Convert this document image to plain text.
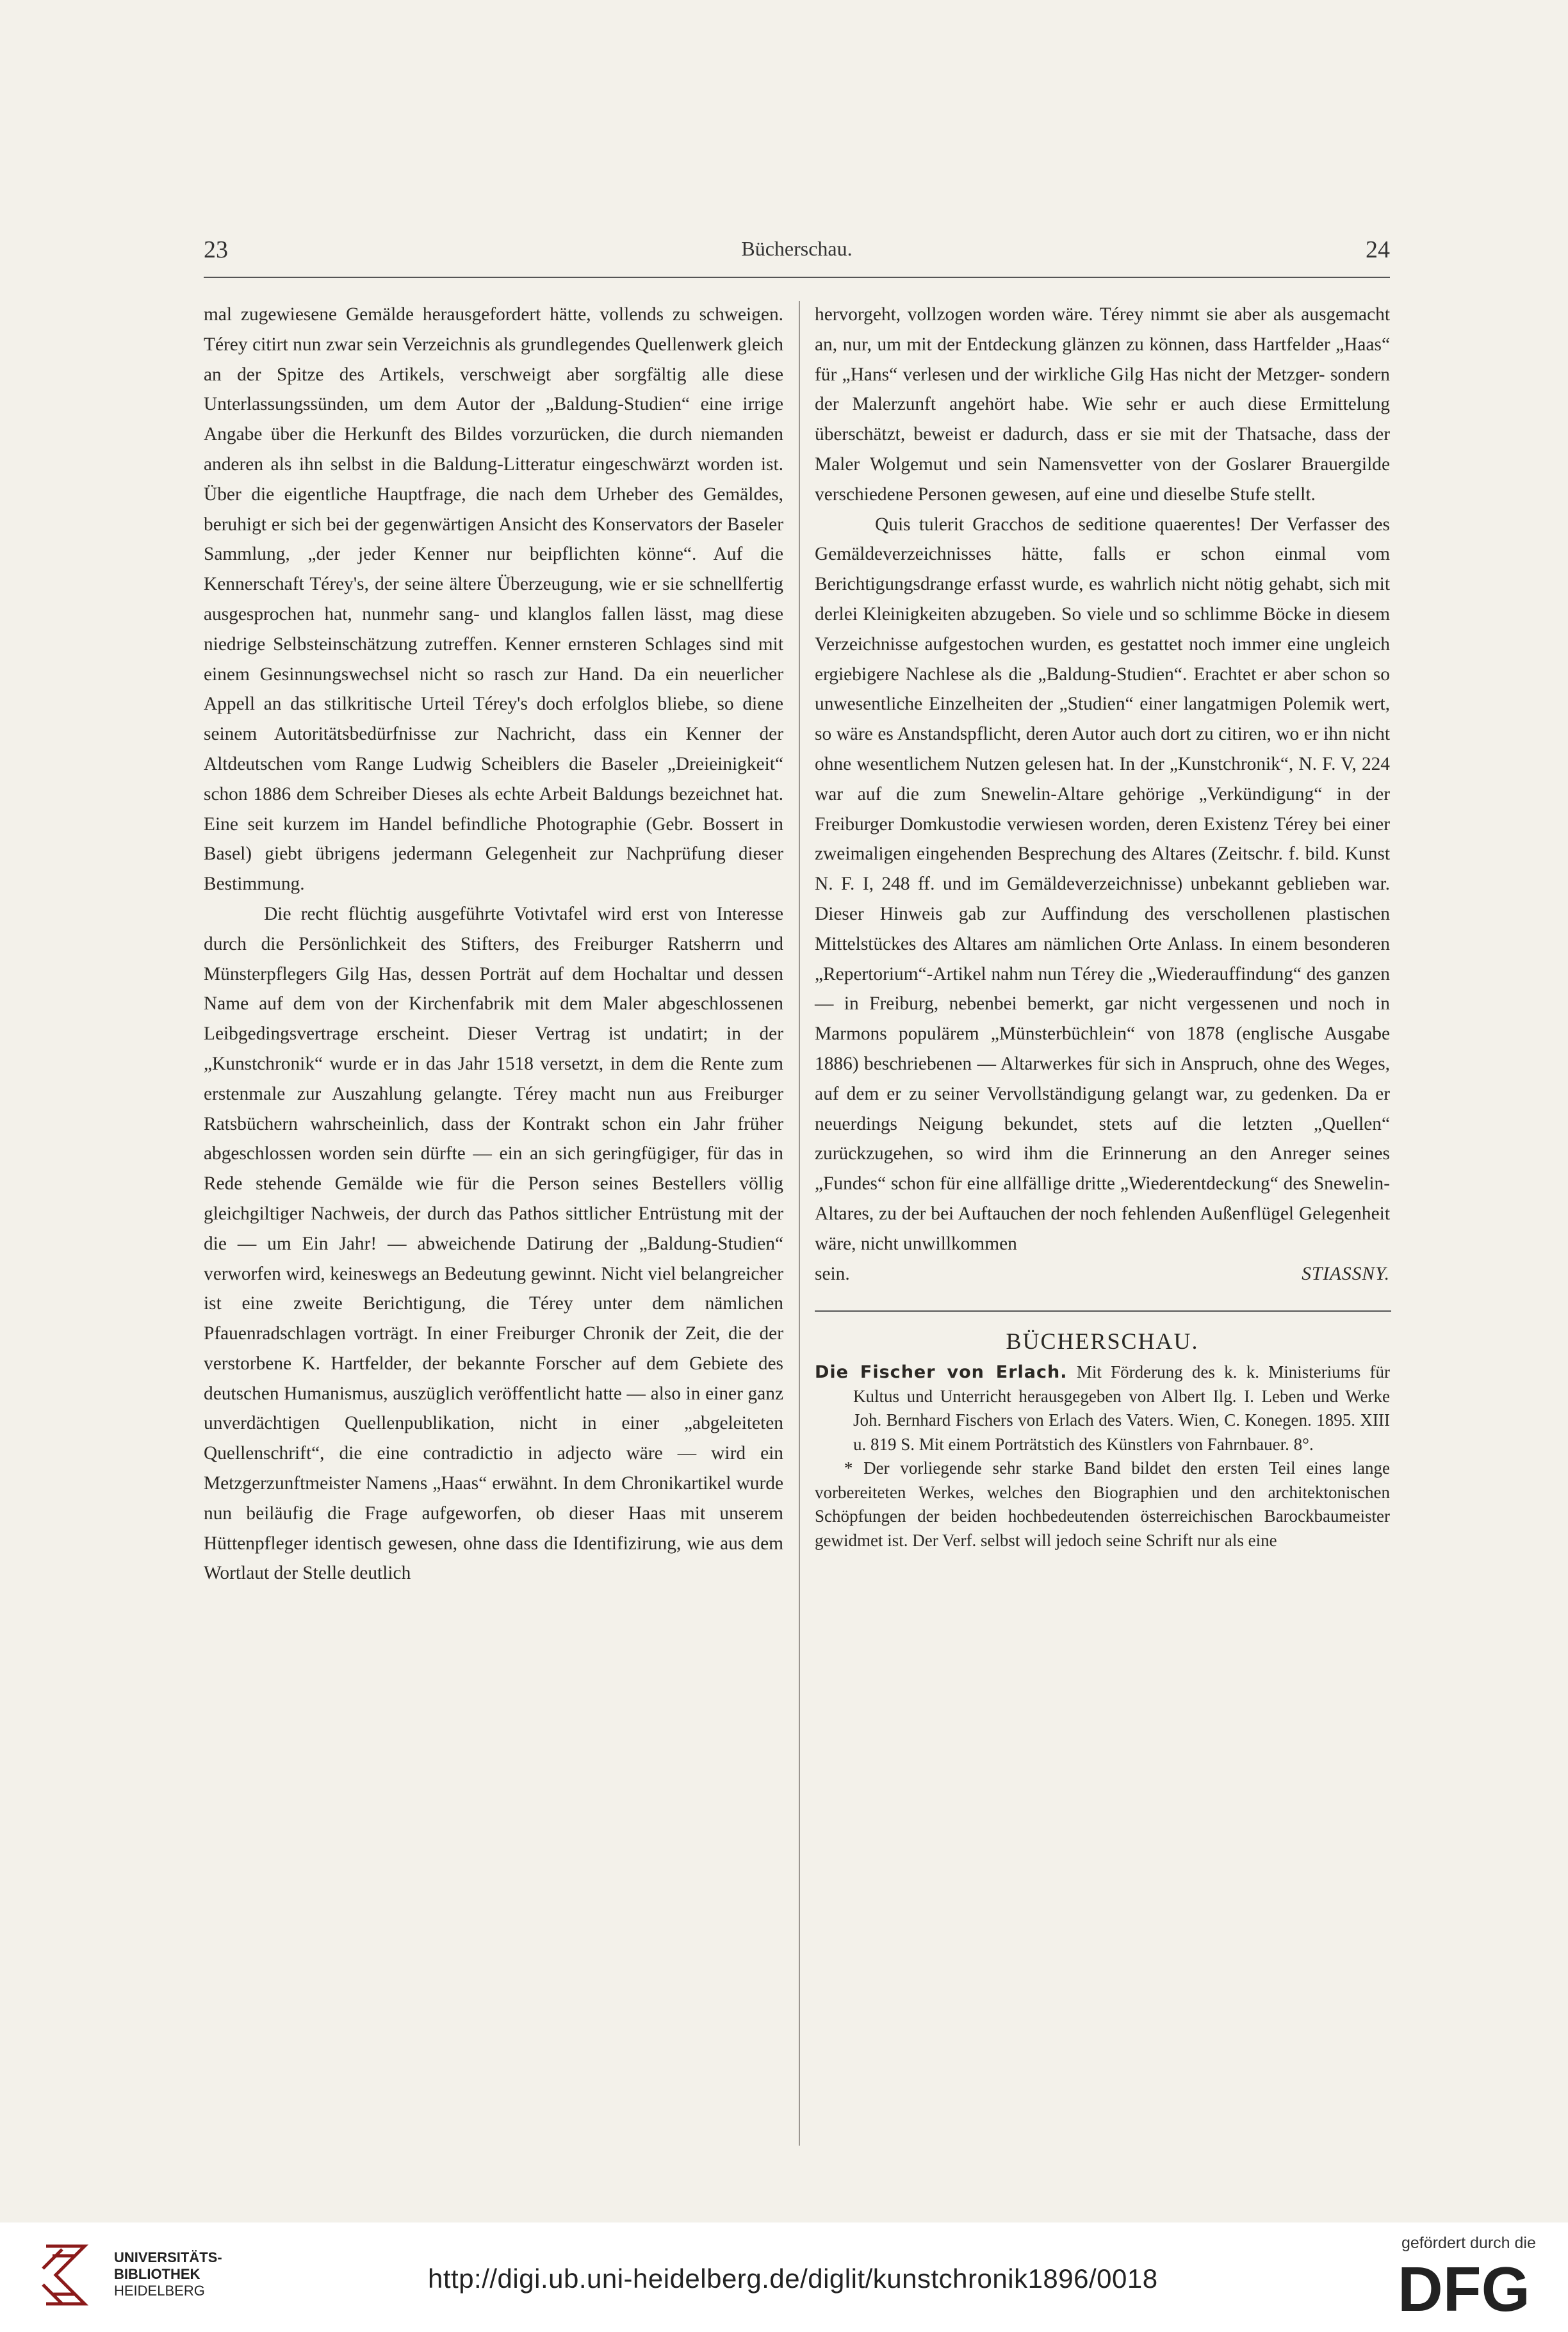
23	Bücherschau.	24

mal zugewiesene Gemälde herausgefordert hätte, vollends zu schweigen. Térey citirt nun zwar sein Verzeichnis als grundlegendes Quellenwerk gleich an der Spitze des Artikels, verschweigt aber sorgfältig alle diese Unterlassungssünden, um dem Autor der „Baldung-Studien“ eine irrige Angabe über die Herkunft des Bildes vorzurücken, die durch niemanden anderen als ihn selbst in die Baldung-Litteratur eingeschwärzt worden ist. Über die eigentliche Hauptfrage, die nach dem Urheber des Gemäldes, beruhigt er sich bei der gegenwärtigen Ansicht des Konservators der Baseler Sammlung, „der jeder Kenner nur beipflichten könne“. Auf die Kennerschaft Térey's, der seine ältere Überzeugung, wie er sie schnellfertig ausgesprochen hat, nunmehr sang- und klanglos fallen lässt, mag diese niedrige Selbsteinschätzung zutreffen. Kenner ernsteren Schlages sind mit einem Gesinnungswechsel nicht so rasch zur Hand. Da ein neuerlicher Appell an das stilkritische Urteil Térey's doch erfolglos bliebe, so diene seinem Autoritätsbedürfnisse zur Nachricht, dass ein Kenner der Altdeutschen vom Range Ludwig Scheiblers die Baseler „Dreieinigkeit“ schon 1886 dem Schreiber Dieses als echte Arbeit Baldungs bezeichnet hat. Eine seit kurzem im Handel befindliche Photographie (Gebr. Bossert in Basel) giebt übrigens jedermann Gelegenheit zur Nachprüfung dieser Bestimmung.

Die recht flüchtig ausgeführte Votivtafel wird erst von Interesse durch die Persönlichkeit des Stifters, des Freiburger Ratsherrn und Münsterpflegers Gilg Has, dessen Porträt auf dem Hochaltar und dessen Name auf dem von der Kirchenfabrik mit dem Maler abgeschlossenen Leibgedingsvertrage erscheint. Dieser Vertrag ist undatirt; in der „Kunstchronik“ wurde er in das Jahr 1518 versetzt, in dem die Rente zum erstenmale zur Auszahlung gelangte. Térey macht nun aus Freiburger Ratsbüchern wahrscheinlich, dass der Kontrakt schon ein Jahr früher abgeschlossen worden sein dürfte — ein an sich geringfügiger, für das in Rede stehende Gemälde wie für die Person seines Bestellers völlig gleichgiltiger Nachweis, der durch das Pathos sittlicher Entrüstung mit der die — um Ein Jahr! — abweichende Datirung der „Baldung-Studien“ verworfen wird, keineswegs an Bedeutung gewinnt. Nicht viel belangreicher ist eine zweite Berichtigung, die Térey unter dem nämlichen Pfauenradschlagen vorträgt. In einer Freiburger Chronik der Zeit, die der verstorbene K. Hartfelder, der bekannte Forscher auf dem Gebiete des deutschen Humanismus, auszüglich veröffentlicht hatte — also in einer ganz unverdächtigen Quellenpublikation, nicht in einer „abgeleiteten Quellenschrift“, die eine contradictio in adjecto wäre — wird ein Metzgerzunftmeister Namens „Haas“ erwähnt. In dem Chronikartikel wurde nun beiläufig die Frage aufgeworfen, ob dieser Haas mit unserem Hüttenpfleger identisch gewesen, ohne dass die Identifizirung, wie aus dem Wortlaut der Stelle deutlich

hervorgeht, vollzogen worden wäre. Térey nimmt sie aber als ausgemacht an, nur, um mit der Entdeckung glänzen zu können, dass Hartfelder „Haas“ für „Hans“ verlesen und der wirkliche Gilg Has nicht der Metzger- sondern der Malerzunft angehört habe. Wie sehr er auch diese Ermittelung überschätzt, beweist er dadurch, dass er sie mit der Thatsache, dass der Maler Wolgemut und sein Namensvetter von der Goslarer Brauergilde verschiedene Personen gewesen, auf eine und dieselbe Stufe stellt.

Quis tulerit Gracchos de seditione quaerentes! Der Verfasser des Gemäldeverzeichnisses hätte, falls er schon einmal vom Berichtigungsdrange erfasst wurde, es wahrlich nicht nötig gehabt, sich mit derlei Kleinigkeiten abzugeben. So viele und so schlimme Böcke in diesem Verzeichnisse aufgestochen wurden, es gestattet noch immer eine ungleich ergiebigere Nachlese als die „Baldung-Studien“. Erachtet er aber schon so unwesentliche Einzelheiten der „Studien“ einer langatmigen Polemik wert, so wäre es Anstandspflicht, deren Autor auch dort zu citiren, wo er ihn nicht ohne wesentlichem Nutzen gelesen hat. In der „Kunstchronik“, N. F. V, 224 war auf die zum Snewelin-Altare gehörige „Verkündigung“ in der Freiburger Domkustodie verwiesen worden, deren Existenz Térey bei einer zweimaligen eingehenden Besprechung des Altares (Zeitschr. f. bild. Kunst N. F. I, 248 ff. und im Gemäldeverzeichnisse) unbekannt geblieben war. Dieser Hinweis gab zur Auffindung des verschollenen plastischen Mittelstückes des Altares am nämlichen Orte Anlass. In einem besonderen „Repertorium“-Artikel nahm nun Térey die „Wiederauffindung“ des ganzen — in Freiburg, nebenbei bemerkt, gar nicht vergessenen und noch in Marmons populärem „Münsterbüchlein“ von 1878 (englische Ausgabe 1886) beschriebenen — Altarwerkes für sich in Anspruch, ohne des Weges, auf dem er zu seiner Vervollständigung gelangt war, zu gedenken. Da er neuerdings Neigung bekundet, stets auf die letzten „Quellen“ zurückzugehen, so wird ihm die Erinnerung an den Anreger seines „Fundes“ schon für eine allfällige dritte „Wiederentdeckung“ des Snewelin-Altares, zu der bei Auftauchen der noch fehlenden Außenflügel Gelegenheit wäre, nicht unwillkommen

sein.	STIASSNY.
BÜCHERSCHAU.

Die Fischer von Erlach. Mit Förderung des k. k. Ministeriums für Kultus und Unterricht herausgegeben von Albert Ilg. I. Leben und Werke Joh. Bernhard Fischers von Erlach des Vaters. Wien, C. Konegen. 1895. XIII u. 819 S. Mit einem Porträtstich des Künstlers von Fahrnbauer. 8°.

* Der vorliegende sehr starke Band bildet den ersten Teil eines lange vorbereiteten Werkes, welches den Biographien und den architektonischen Schöpfungen der beiden hochbedeutenden österreichischen Barockbaumeister gewidmet ist. Der Verf. selbst will jedoch seine Schrift nur als eine

UNIVERSITÄTS-
BIBLIOTHEK
HEIDELBERG	http://digi.ub.uni-heidelberg.de/diglit/kunstchronik1896/0018
gefördert durch die
DFG
